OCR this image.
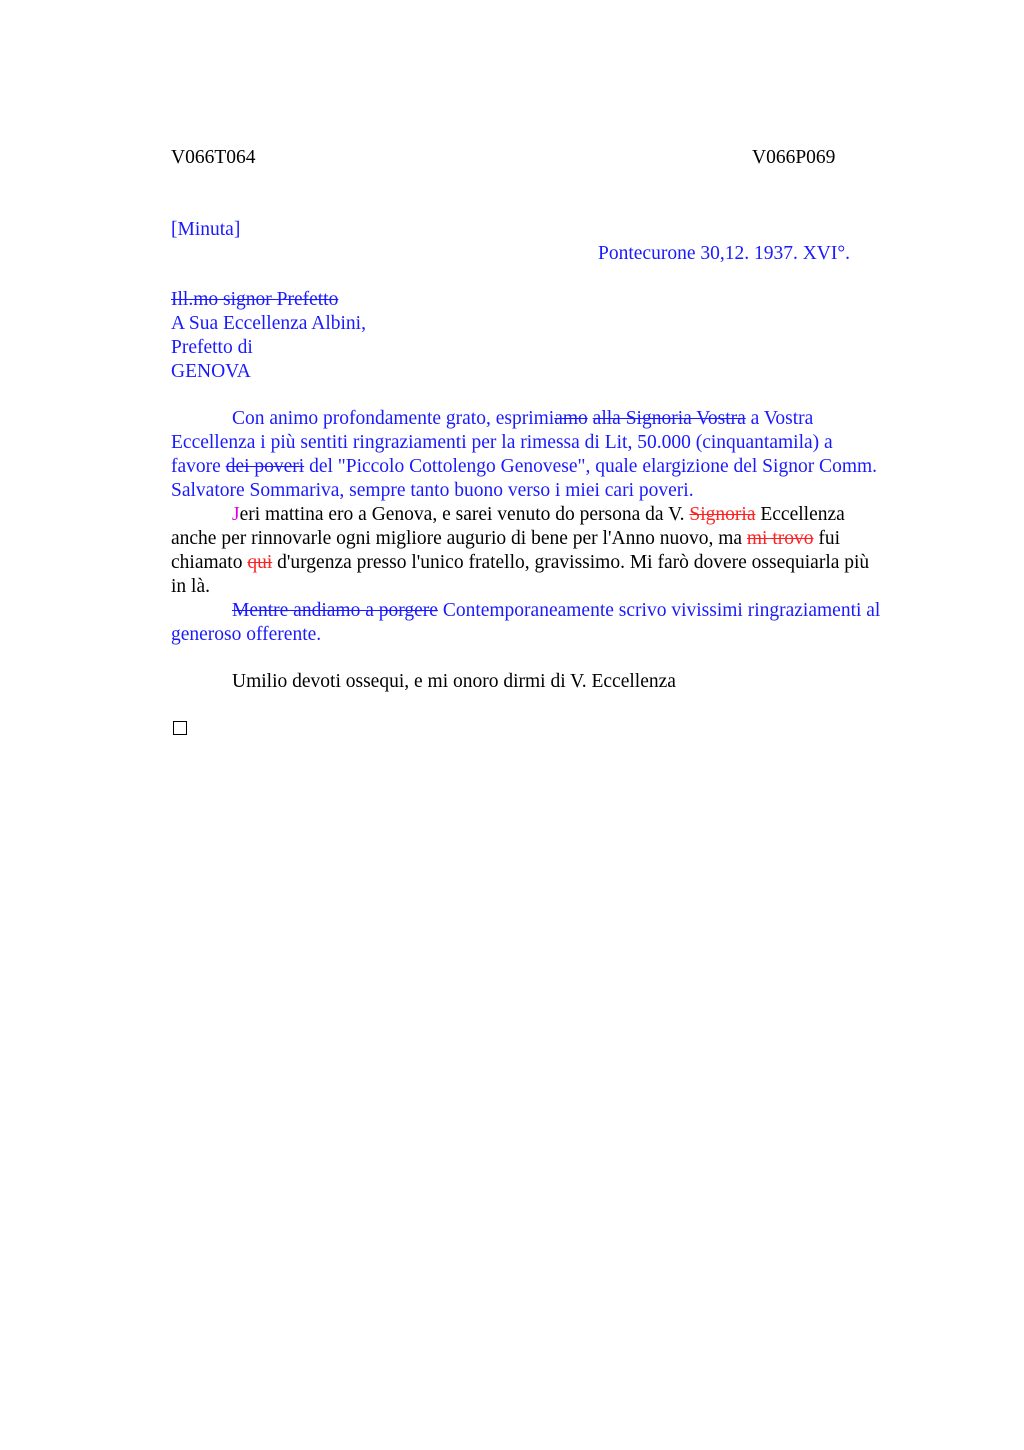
V066T064	V066P069
[Minuta]
Pontecurone 30,12. 1937. XVI°.
Ill.mo signor Prefetto
A Sua Eccellenza Albini,
Prefetto di
GENOVA
Con animo profondamente grato, esprimiamo alla Signoria Vostra a Vostra
Eccellenza i più sentiti ringraziamenti per la rimessa di Lit, 50.000 (cinquantamila) a
favore dei poveri del "Piccolo Cottolengo Genovese", quale elargizione del Signor Comm.
Salvatore Sommariva, sempre tanto buono verso i miei cari poveri.
Jeri mattina ero a Genova, e sarei venuto do persona da V. Signoria Eccellenza
anche per rinnovarle ogni migliore augurio di bene per l'Anno nuovo, ma mi trovo fui
chiamato qui d'urgenza presso l'unico fratello, gravissimo. Mi farò dovere ossequiarla più
in là.
Mentre andiamo a porgere Contemporaneamente scrivo vivissimi ringraziamenti al
generoso offerente.
Umilio devoti ossequi, e mi onoro dirmi di V. Eccellenza
